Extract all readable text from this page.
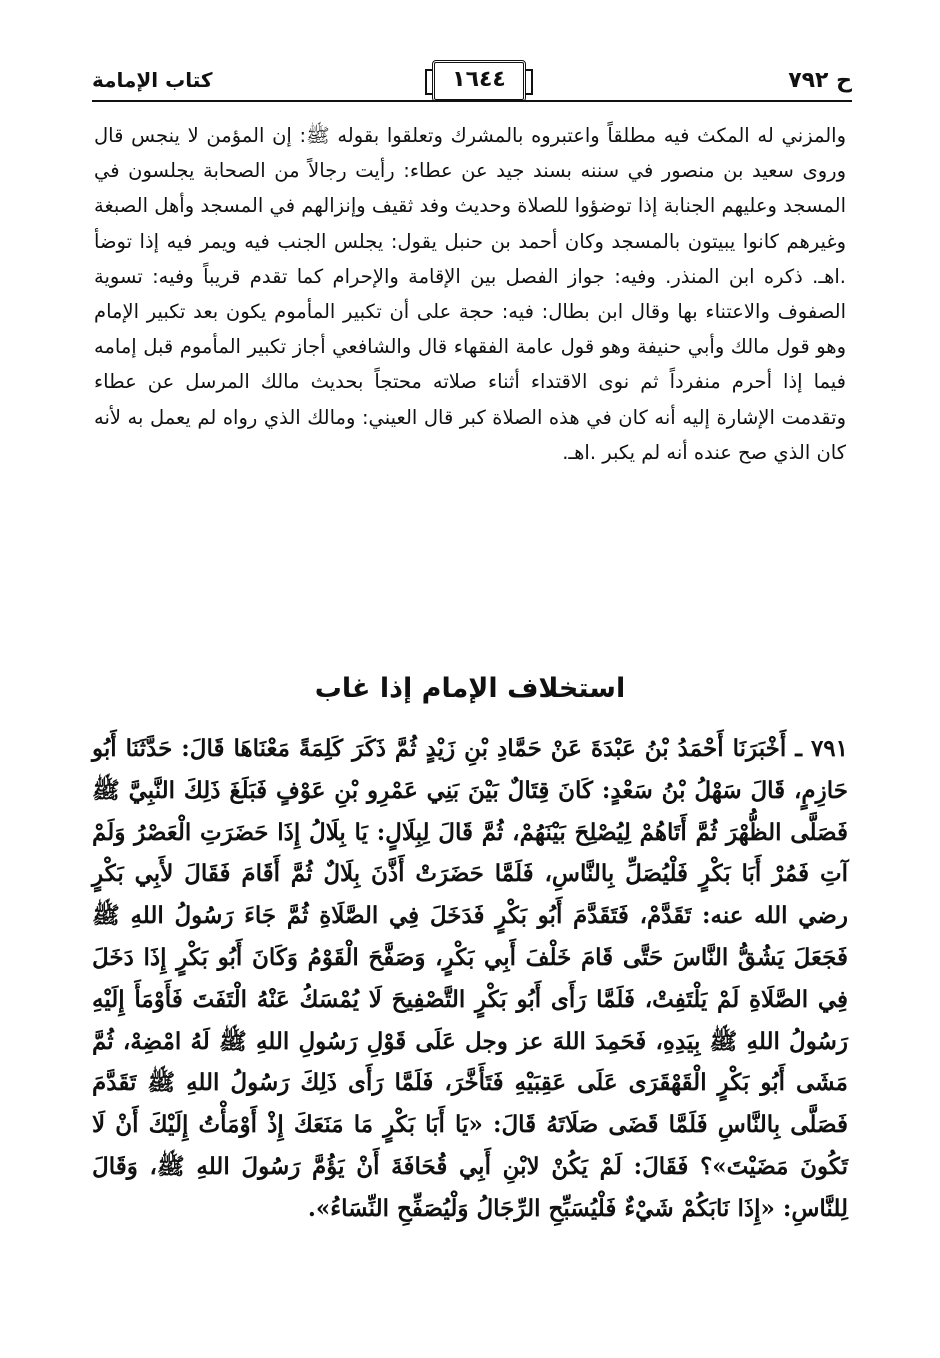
ح ٧٩٢
١٦٤٤
كتاب الإمامة

والمزني له المكث فيه مطلقاً واعتبروه بالمشرك وتعلقوا بقوله ﷺ: إن المؤمن لا ينجس قال وروى سعيد بن منصور في سننه بسند جيد عن عطاء: رأيت رجالاً من الصحابة يجلسون في المسجد وعليهم الجنابة إذا توضؤوا للصلاة وحديث وفد ثقيف وإنزالهم في المسجد وأهل الصبغة وغيرهم كانوا يبيتون بالمسجد وكان أحمد بن حنبل يقول: يجلس الجنب فيه ويمر فيه إذا توضأ .اهـ. ذكره ابن المنذر. وفيه: جواز الفصل بين الإقامة والإحرام كما تقدم قريباً وفيه: تسوية الصفوف والاعتناء بها وقال ابن بطال: فيه: حجة على أن تكبير المأموم يكون بعد تكبير الإمام وهو قول مالك وأبي حنيفة وهو قول عامة الفقهاء قال والشافعي أجاز تكبير المأموم قبل إمامه فيما إذا أحرم منفرداً ثم نوى الاقتداء أثناء صلاته محتجاً بحديث مالك المرسل عن عطاء وتقدمت الإشارة إليه أنه كان في هذه الصلاة كبر قال العيني: ومالك الذي رواه لم يعمل به لأنه كان الذي صح عنده أنه لم يكبر .اهـ.

استخلاف الإمام إذا غاب

٧٩١ ـ أَخْبَرَنَا أَحْمَدُ بْنُ عَبْدَةَ عَنْ حَمَّادِ بْنِ زَيْدٍ ثُمَّ ذَكَرَ كَلِمَةً مَعْنَاهَا قَالَ: حَدَّثَنَا أَبُو حَازِمٍ، قَالَ سَهْلُ بْنُ سَعْدٍ: كَانَ قِتَالٌ بَيْنَ بَنِي عَمْرِو بْنِ عَوْفٍ فَبَلَغَ ذَلِكَ النَّبِيَّ ﷺ فَصَلَّى الظُّهْرَ ثُمَّ أَتَاهُمْ لِيُصْلِحَ بَيْنَهُمْ، ثُمَّ قَالَ لِبِلَالٍ: يَا بِلَالُ إِذَا حَضَرَتِ الْعَصْرُ وَلَمْ آتِ فَمُرْ أَبَا بَكْرٍ فَلْيُصَلِّ بِالنَّاسِ، فَلَمَّا حَضَرَتْ أَذَّنَ بِلَالٌ ثُمَّ أَقَامَ فَقَالَ لأَبِي بَكْرٍ رضي الله عنه: تَقَدَّمْ، فَتَقَدَّمَ أَبُو بَكْرٍ فَدَخَلَ فِي الصَّلَاةِ ثُمَّ جَاءَ رَسُولُ اللهِ ﷺ فَجَعَلَ يَشُقُّ النَّاسَ حَتَّى قَامَ خَلْفَ أَبِي بَكْرٍ، وَصَفَّحَ الْقَوْمُ وَكَانَ أَبُو بَكْرٍ إِذَا دَخَلَ فِي الصَّلَاةِ لَمْ يَلْتَفِتْ، فَلَمَّا رَأَى أَبُو بَكْرٍ التَّصْفِيحَ لَا يُمْسَكُ عَنْهُ الْتَفَتَ فَأَوْمَأَ إِلَيْهِ رَسُولُ اللهِ ﷺ بِيَدِهِ، فَحَمِدَ اللهَ عز وجل عَلَى قَوْلِ رَسُولِ اللهِ ﷺ لَهُ امْضِهْ، ثُمَّ مَشَى أَبُو بَكْرٍ الْقَهْقَرَى عَلَى عَقِبَيْهِ فَتَأَخَّرَ، فَلَمَّا رَأَى ذَلِكَ رَسُولُ اللهِ ﷺ تَقَدَّمَ فَصَلَّى بِالنَّاسِ فَلَمَّا قَضَى صَلَاتَهُ قَالَ: «يَا أَبَا بَكْرٍ مَا مَنَعَكَ إِذْ أَوْمَأْتُ إِلَيْكَ أَنْ لَا تَكُونَ مَضَيْتَ»؟ فَقَالَ: لَمْ يَكُنْ لابْنِ أَبِي قُحَافَةَ أَنْ يَؤُمَّ رَسُولَ اللهِ ﷺ، وَقَالَ لِلنَّاسِ: «إِذَا نَابَكُمْ شَيْءٌ فَلْيُسَبِّحِ الرِّجَالُ وَلْيُصَفِّحِ النِّسَاءُ».
